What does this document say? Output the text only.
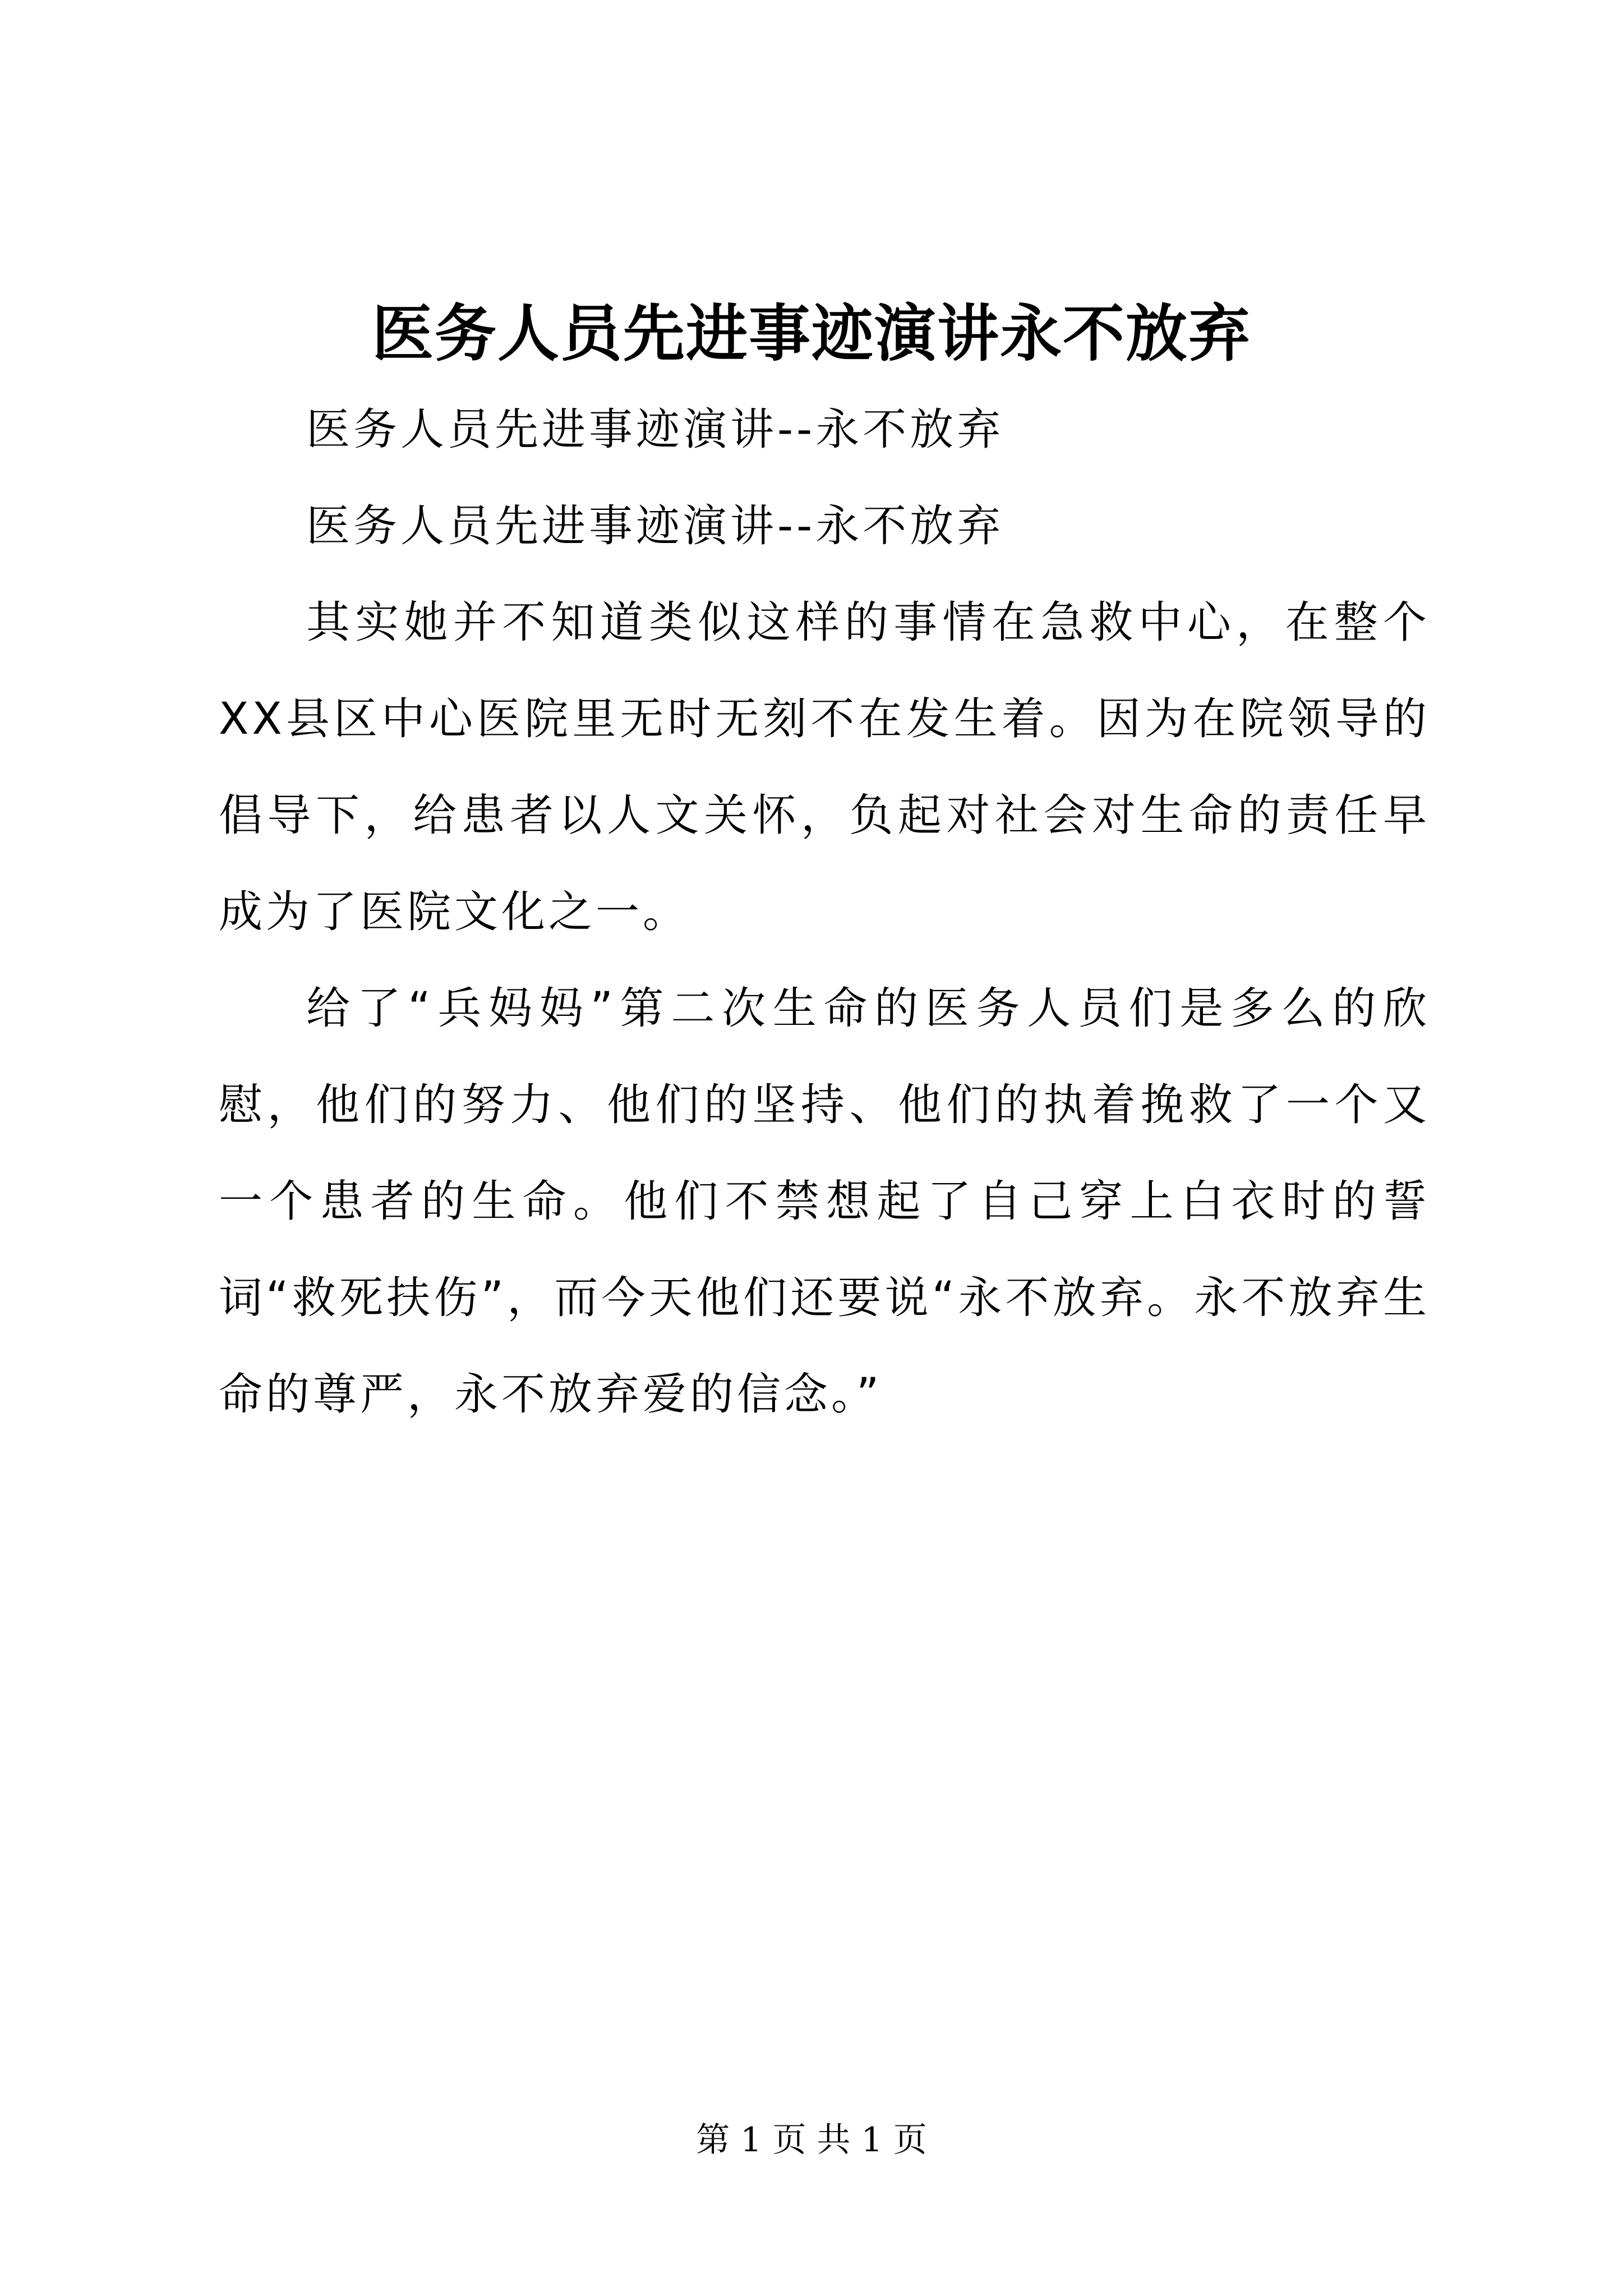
医务人员先进事迹演讲永不放弃

医务人员先进事迹演讲--永不放弃

医务人员先进事迹演讲--永不放弃

其实她并不知道类似这样的事情在急救中心，在整个XX县区中心医院里无时无刻不在发生着。因为在院领导的倡导下，给患者以人文关怀，负起对社会对生命的责任早成为了医院文化之一。

给了“兵妈妈”第二次生命的医务人员们是多么的欣慰，他们的努力、他们的坚持、他们的执着挽救了一个又一个患者的生命。他们不禁想起了自己穿上白衣时的誓词“救死扶伤”，而今天他们还要说“永不放弃。永不放弃生命的尊严，永不放弃爱的信念。”

第 1 页 共 1 页
